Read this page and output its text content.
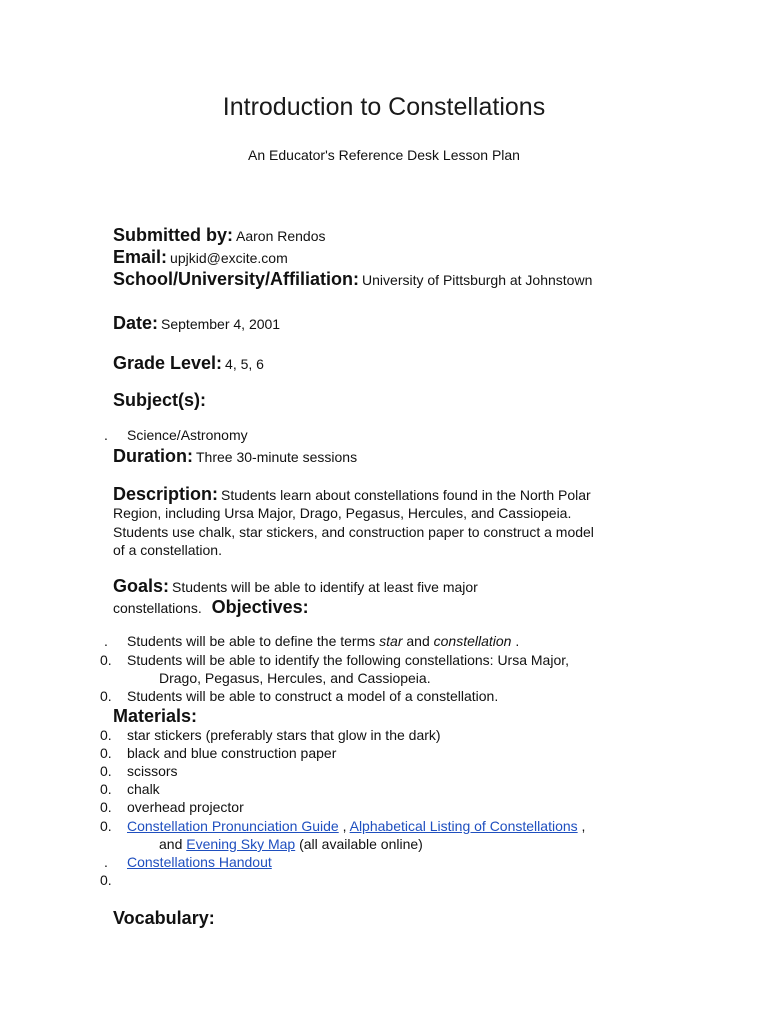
Introduction to Constellations
An Educator's Reference Desk Lesson Plan
Submitted by: Aaron Rendos
Email: upjkid@excite.com
School/University/Affiliation: University of Pittsburgh at Johnstown
Date: September 4, 2001
Grade Level: 4, 5, 6
Subject(s):
.	Science/Astronomy
Duration: Three 30-minute sessions
Description: Students learn about constellations found in the North Polar
Region, including Ursa Major, Drago, Pegasus, Hercules, and Cassiopeia.
Students use chalk, star stickers, and construction paper to construct a model
of a constellation.
Goals: Students will be able to identify at least five major
constellations. Objectives:
.	Students will be able to define the terms star and constellation .
0.	Students will be able to identify the following constellations: Ursa Major,
Drago, Pegasus, Hercules, and Cassiopeia.
0.	Students will be able to construct a model of a constellation.
Materials:
0.	star stickers (preferably stars that glow in the dark)
0.	black and blue construction paper
0.	scissors
0.	chalk
0.	overhead projector
0.	Constellation Pronunciation Guide , Alphabetical Listing of Constellations ,
and Evening Sky Map (all available online)
.	Constellations Handout
0.
Vocabulary:
